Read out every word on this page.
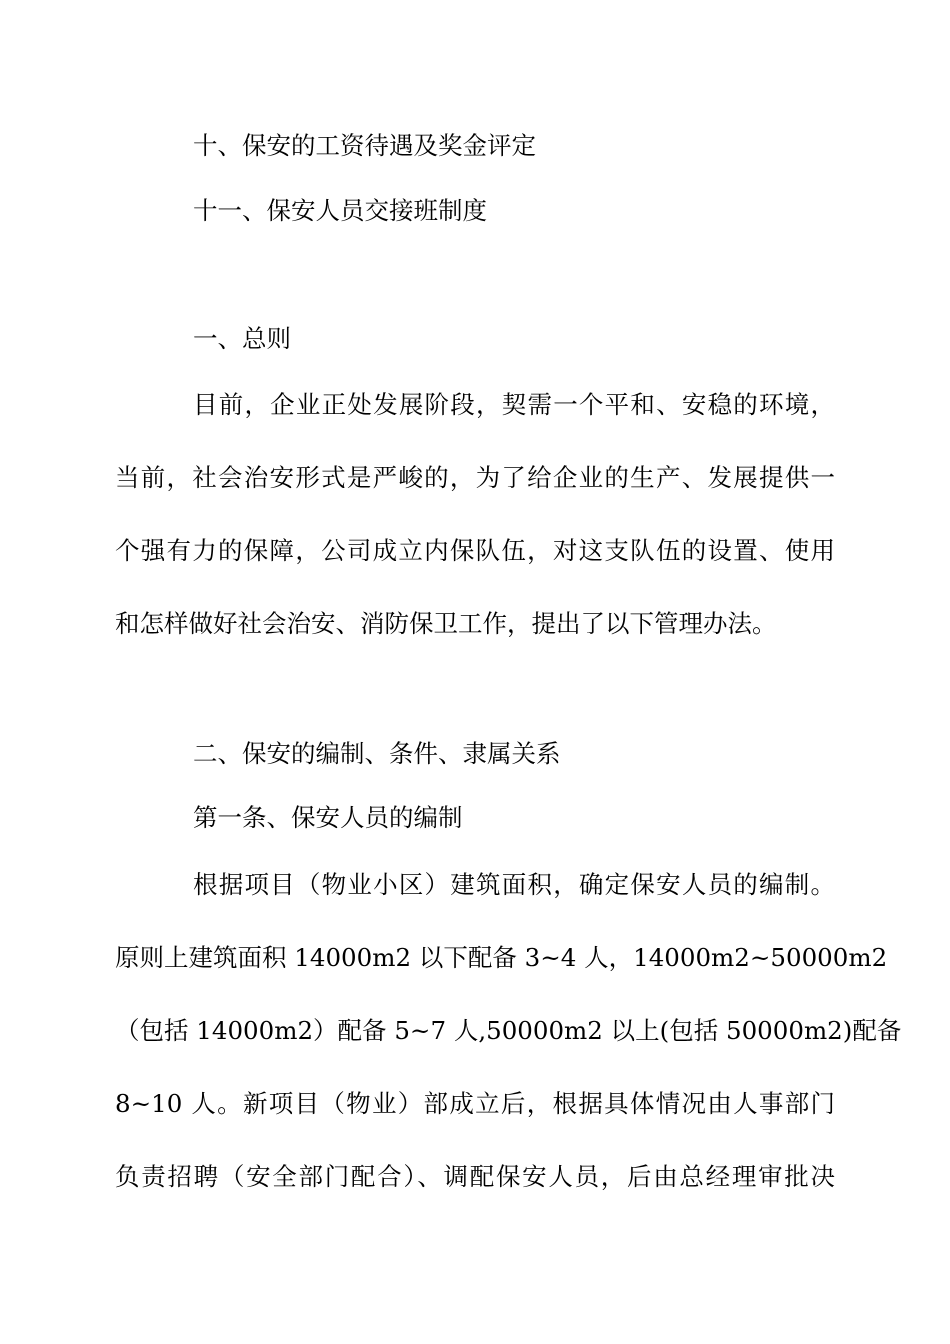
十、保安的工资待遇及奖金评定
十一、保安人员交接班制度
一、总则
目前，企业正处发展阶段，契需一个平和、安稳的环境，
当前，社会治安形式是严峻的，为了给企业的生产、发展提供一
个强有力的保障，公司成立内保队伍，对这支队伍的设置、使用
和怎样做好社会治安、消防保卫工作，提出了以下管理办法。
二、保安的编制、条件、隶属关系
第一条、保安人员的编制
根据项目（物业小区）建筑面积，确定保安人员的编制。
原则上建筑面积 14000m2 以下配备 3~4 人，14000m2~50000m2
（包括 14000m2）配备 5~7 人,50000m2 以上(包括 50000m2)配备
8~10 人。新项目（物业）部成立后，根据具体情况由人事部门
负责招聘（安全部门配合）、调配保安人员，后由总经理审批决
